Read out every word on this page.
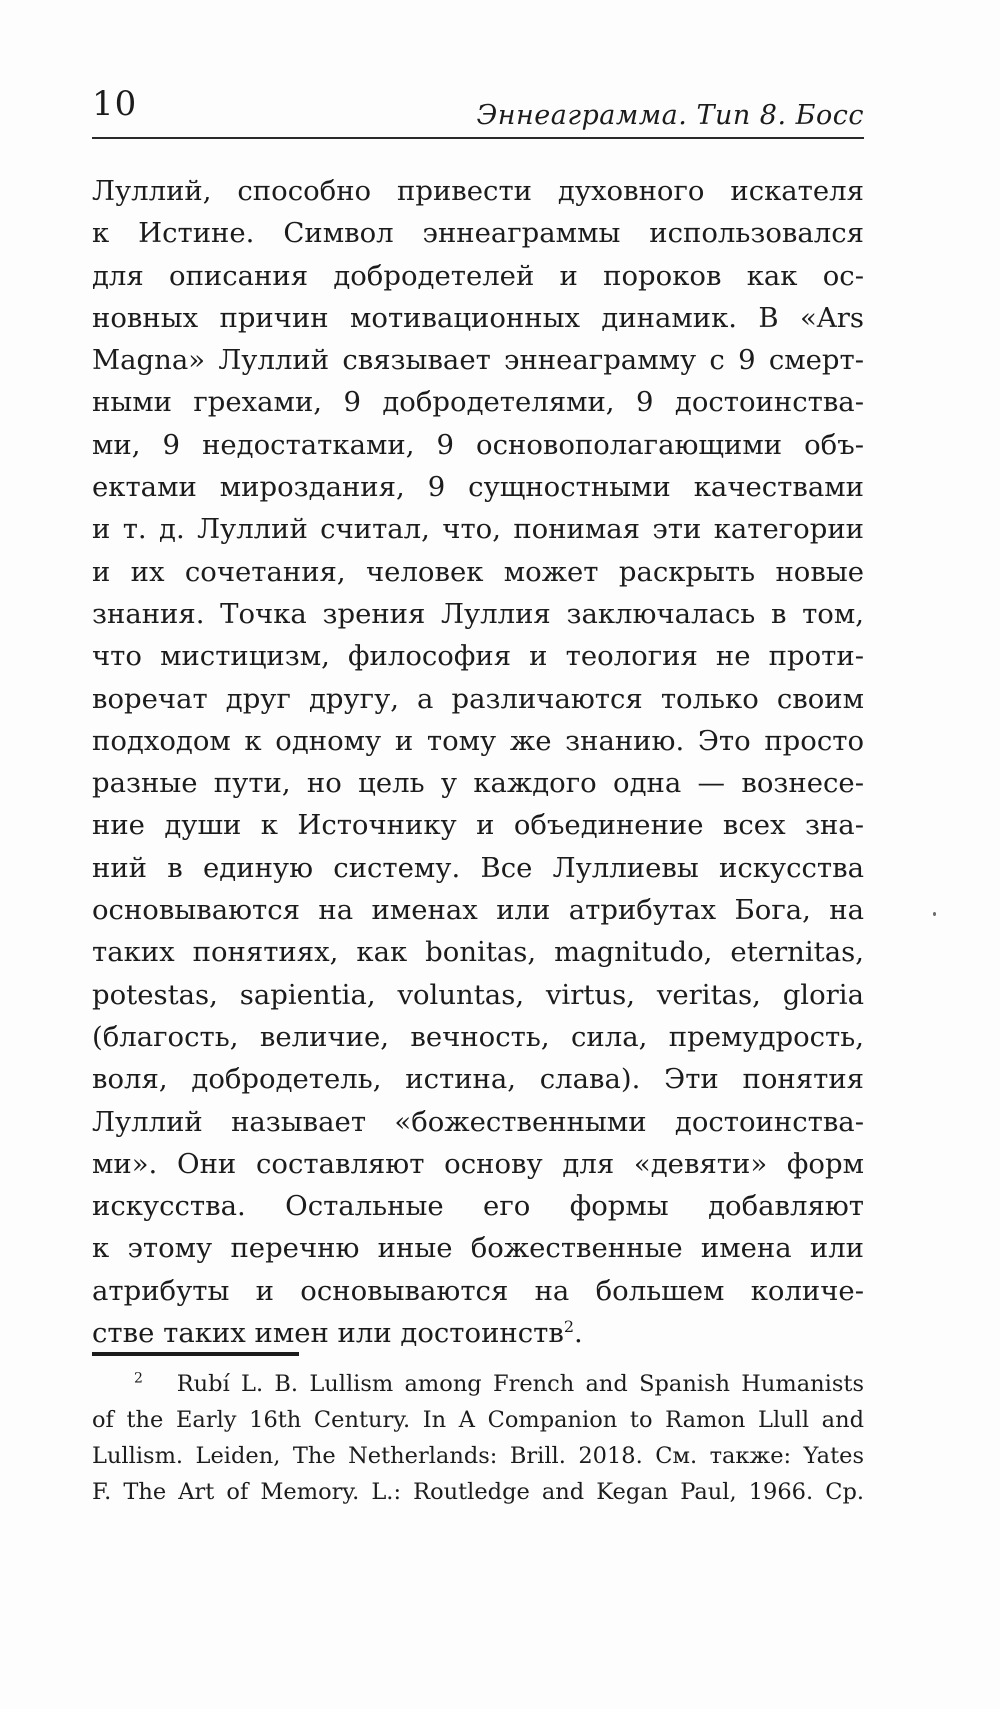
10	Эннеаграмма. Тип 8. Босс
Луллий, способно привести духовного искателя
к Истине. Символ эннеаграммы использовался
для описания добродетелей и пороков как ос-
новных причин мотивационных динамик. В «Ars
Magna» Луллий связывает эннеаграмму с 9 смерт-
ными грехами, 9 добродетелями, 9 достоинства-
ми, 9 недостатками, 9 основополагающими объ-
ектами мироздания, 9 сущностными качествами
и т. д. Луллий считал, что, понимая эти категории
и их сочетания, человек может раскрыть новые
знания. Точка зрения Луллия заключалась в том,
что мистицизм, философия и теология не проти-
воречат друг другу, а различаются только своим
подходом к одному и тому же знанию. Это просто
разные пути, но цель у каждого одна — вознесе-
ние души к Источнику и объединение всех зна-
ний в единую систему. Все Луллиевы искусства
основываются на именах или атрибутах Бога, на
таких понятиях, как bonitas, magnitudo, eternitas,
potestas, sapientia, voluntas, virtus, veritas, gloria
(благость, величие, вечность, сила, премудрость,
воля, добродетель, истина, слава). Эти понятия
Луллий называет «божественными достоинства-
ми». Они составляют основу для «девяти» форм
искусства. Остальные его формы добавляют
к этому перечню иные божественные имена или
атрибуты и основываются на большем количе-
стве таких имен или достоинств$^2$.
$^2$ Rubí L. B. Lullism among French and Spanish Humanists
of the Early 16th Century. In A Companion to Ramon Llull and
Lullism. Leiden, The Netherlands: Brill. 2018. См. также: Yates
F. The Art of Memory. L.: Routledge and Kegan Paul, 1966. Ср.
